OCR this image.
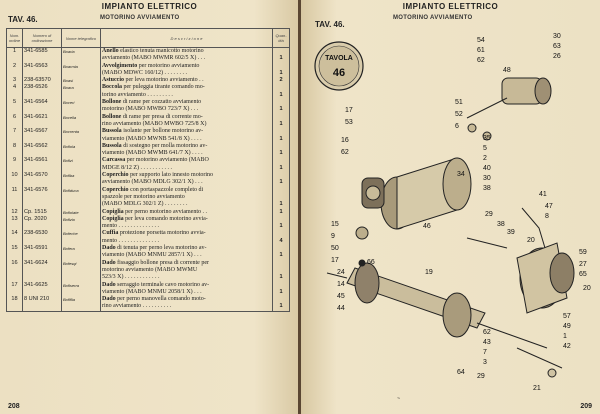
IMPIANTO ELETTRICO
TAV. 46.	MOTORINO AVVIAMENTO
Num. ordine	Numero di ordinazione	Nome telegrafico	D e s c r i z i o n e	Quan- tità
1	341-6585	Boaria	Anello elastico tenuta manicotto motorino
avviamento (MABO MWMR 602/5 X) . . .	1

2	341-6563	Boarmia	Avvolgimento per motorino avviamento
(MABO MDWC 160/12) . . . . . . . .	1

3	238-63570	Boasi	Astuccio per leva motorino avviamento . .	2

4	238-6526	Boara	Boccola per puleggia tirante comando mo-
torino avviamento . . . . . . . . .	1

5	341-6564	Boceri	Bollone di rame per cozzatto avviamento
motorino (MABO MWBO 723/7 X) . . .	1

6	341-6621	Bocella	Bollone di rame per presa di corrente mo-
rino avviamento (MABO MWBO 725/8 X)	1

7	341-6567	Bocrenta	Bussola isolante per bollone motorino av-
viamento (MABO MWNB 541/8 X) . . . .	1

8	341-6562	Bofiola	Bussola di sostegno per molla motorino av-
viamento (MABO MWMB 641/7 X) . . . .	1

9	341-6561	Bofizi	Carcassa per motorino avviamento (MABO
MDGE 8/12 Z) . . . . . . . . . . .	1

10	341-6570	Bofiba	Coperchio per supporto lato innesto motorino
avviamento (MABO MDLG 302/1 X) . . .	1

11	341-6576	Bofiduca	Coperchio con portaspazzole completo di
spazzole per motorino avviamento
(MABO MDLG 302/1 Z) . . . . . . . .	1

12	Cp. 1515	Bofiolate	Copiglia per perno motorino avviamento . .	1

13	Cp. 2020	Bofizio	Copiglia per leva comando motorino avvia-
mento . . . . . . . . . . . . . .	1

14	238-6530	Bofeche	Cuffia protezione porsetta motorino avvia-
mento . . . . . . . . . . . . . .	4

15	341-6591	Bofera	Dado di tenuta per perno leva motorino av-
viamento (MABO MNMU 2857/1 X) . . .	1

16	341-6624	Bofesqi	Dado fissaggio bollone presa di corrente per
motorino avviamento (MABO MWMU
523/3 X) . . . . . . . . . . . .	1

17	341-6625	Bofiserra	Dado serraggio terminale cavo motorino av-
viamento (MABO MNMU 2058/1 X) . . .	1

18	8 UNI 210	Bofiflia	Dado per perno manovella comando moto-
rino avviamento . . . . . . . . . .	1
208
IMPIANTO ELETTRICO
TAV. 46.
MOTORINO AVVIAMENTO
TAVOLA
46
54
61
62
30
63
26
48
17
53
51
52
6
16
62
35
5
2
40
34
30
38
41
47
8
29
38
39
20
15
9
50
17	66
46
59
27
19	65
24
14
45
44
20
64
62
43
7
3
29
57
49
1
42
21
~
209
